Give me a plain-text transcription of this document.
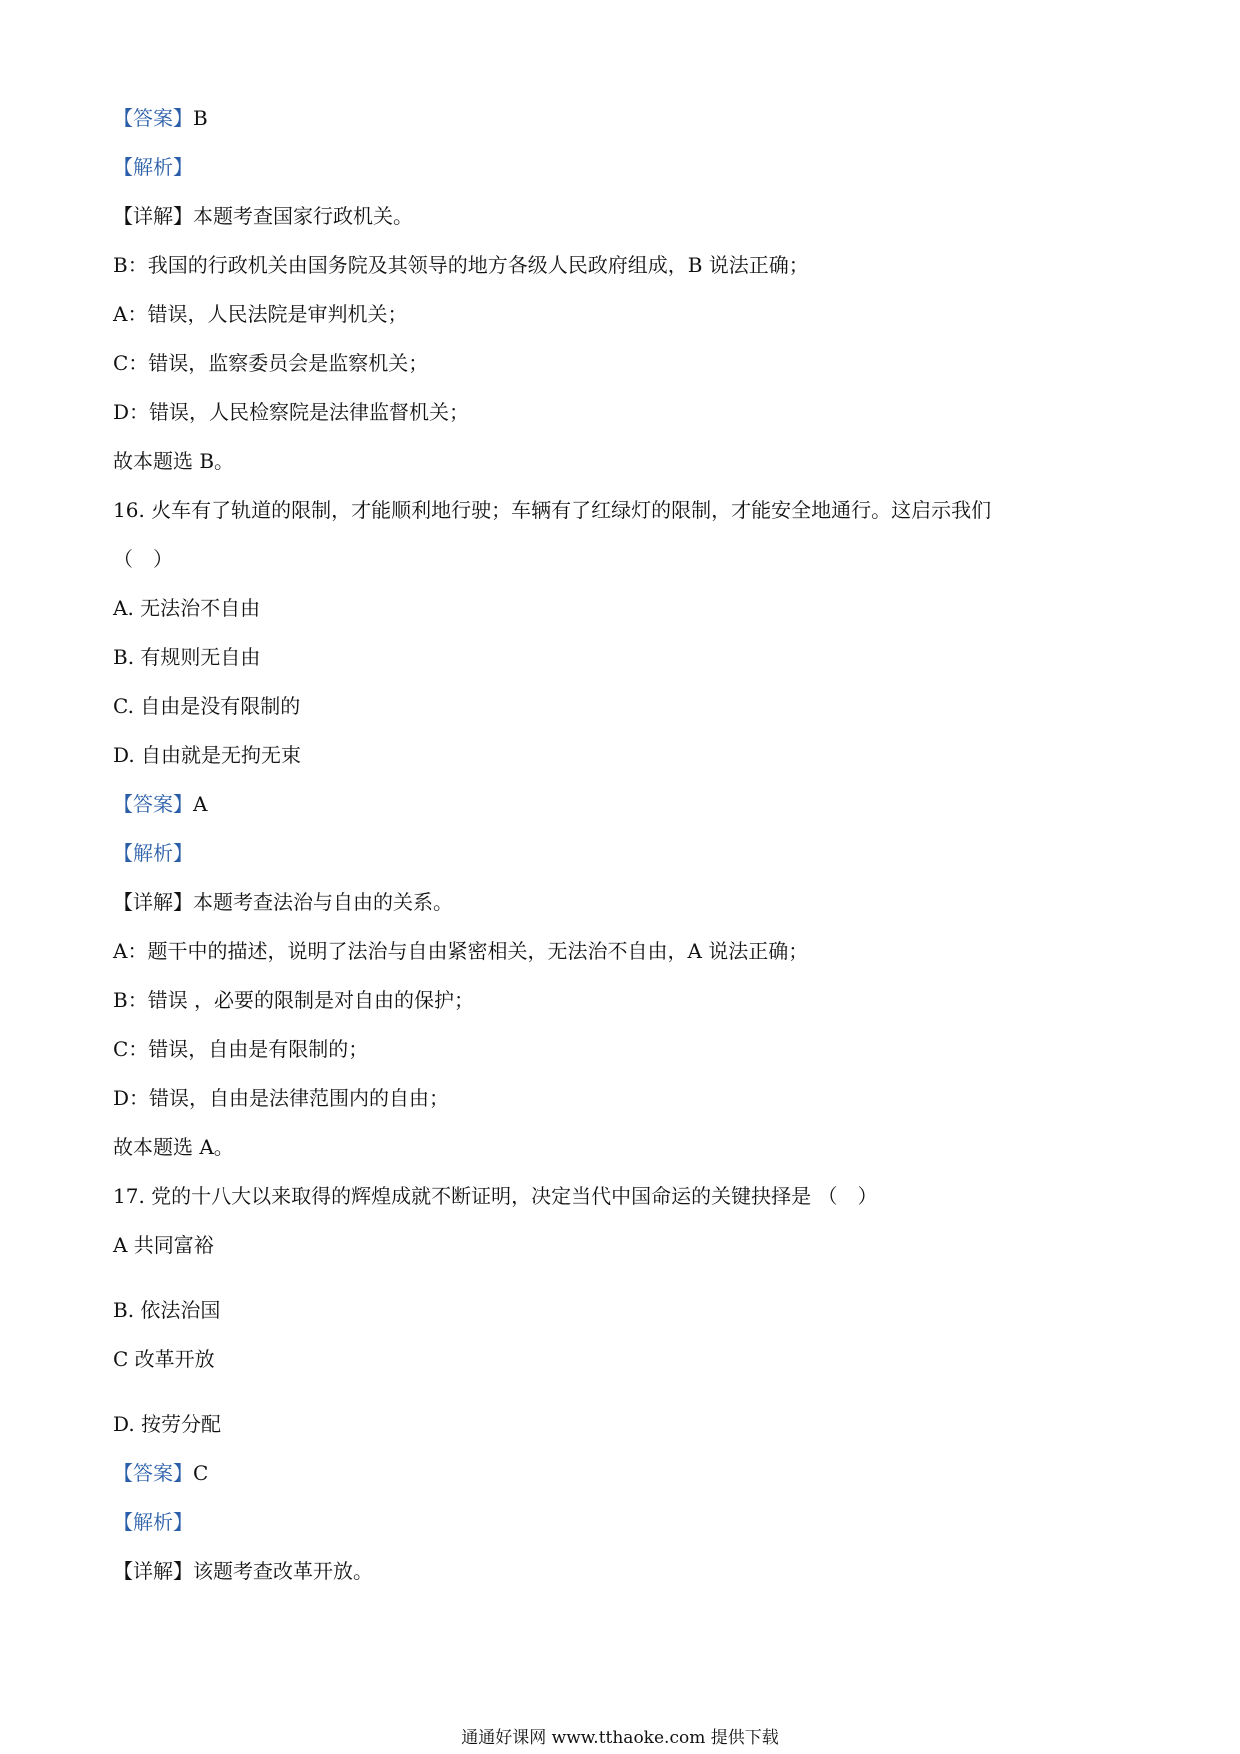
【答案】B
【解析】
【详解】本题考查国家行政机关。
B：我国的行政机关由国务院及其领导的地方各级人民政府组成，B 说法正确；
A：错误，人民法院是审判机关；
C：错误，监察委员会是监察机关；
D：错误，人民检察院是法律监督机关；
故本题选 B。
16. 火车有了轨道的限制，才能顺利地行驶；车辆有了红绿灯的限制，才能安全地通行。这启示我们
（　）
A. 无法治不自由
B. 有规则无自由
C. 自由是没有限制的
D. 自由就是无拘无束
【答案】A
【解析】
【详解】本题考查法治与自由的关系。
A：题干中的描述，说明了法治与自由紧密相关，无法治不自由，A 说法正确；
B：错误 ，必要的限制是对自由的保护；
C：错误，自由是有限制的；
D：错误，自由是法律范围内的自由；
故本题选 A。
17. 党的十八大以来取得的辉煌成就不断证明，决定当代中国命运的关键抉择是 （　）
A 共同富裕
B. 依法治国
C 改革开放
D. 按劳分配
【答案】C
【解析】
【详解】该题考查改革开放。
通通好课网 www.tthaoke.com 提供下载
